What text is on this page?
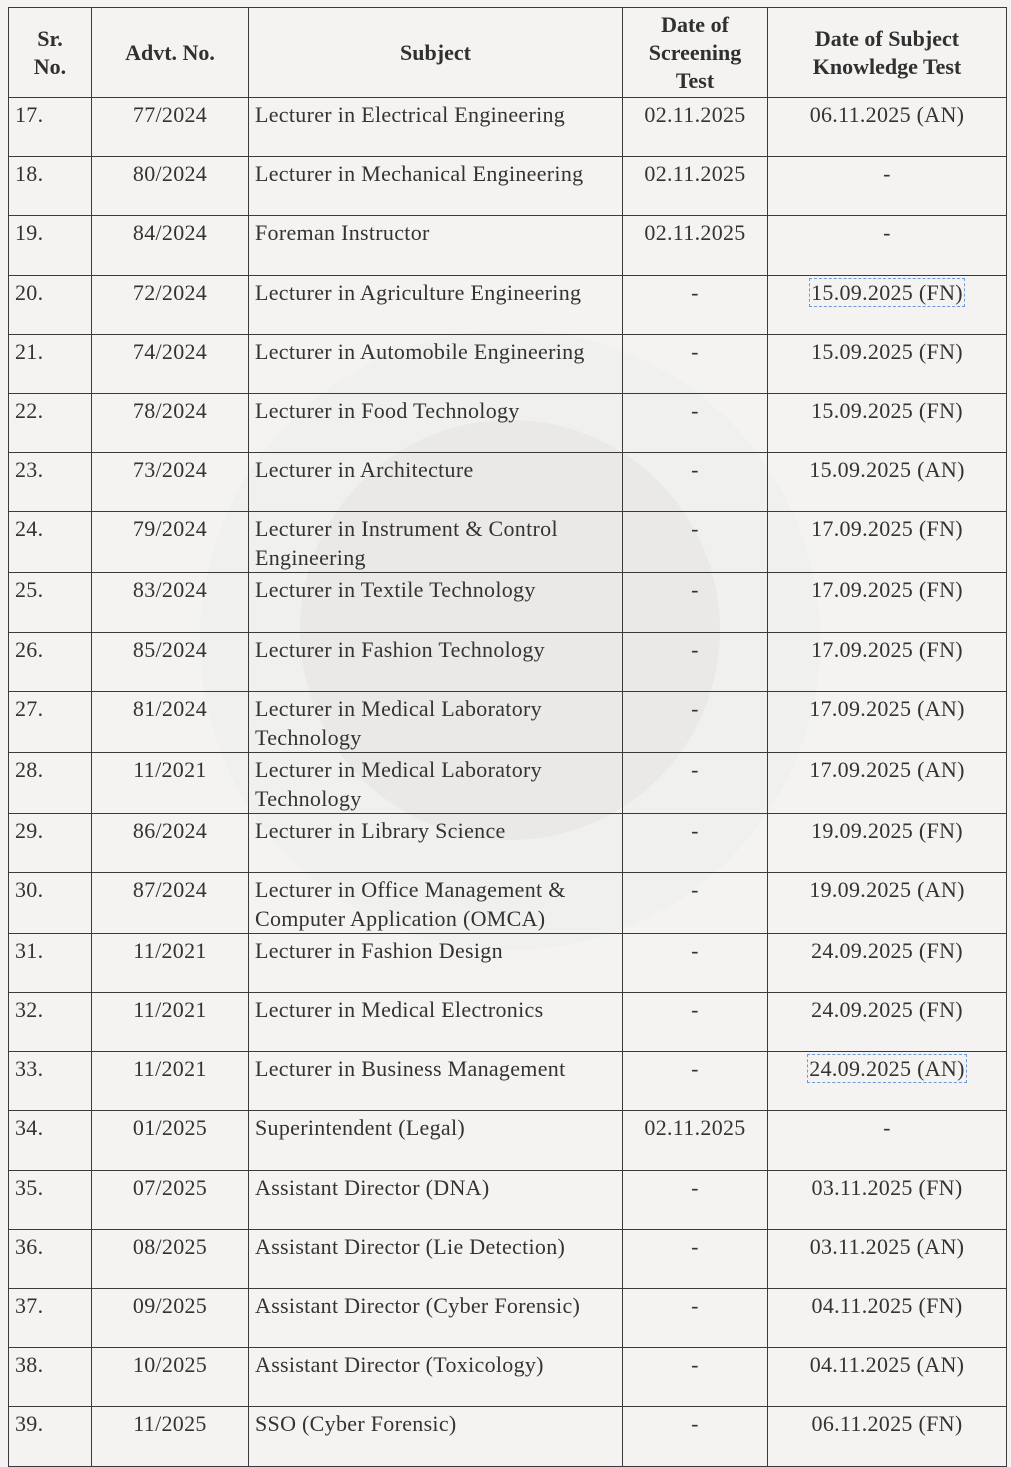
Sr. No.	Advt. No.	Subject	Date of Screening Test	Date of Subject Knowledge Test
17.	77/2024	Lecturer in Electrical Engineering	02.11.2025	06.11.2025 (AN)
18.	80/2024	Lecturer in Mechanical Engineering	02.11.2025	-
19.	84/2024	Foreman Instructor	02.11.2025	-
20.	72/2024	Lecturer in Agriculture Engineering	-	15.09.2025 (FN)
21.	74/2024	Lecturer in Automobile Engineering	-	15.09.2025 (FN)
22.	78/2024	Lecturer in Food Technology	-	15.09.2025 (FN)
23.	73/2024	Lecturer in Architecture	-	15.09.2025 (AN)
24.	79/2024	Lecturer in Instrument & Control Engineering	-	17.09.2025 (FN)
25.	83/2024	Lecturer in Textile Technology	-	17.09.2025 (FN)
26.	85/2024	Lecturer in Fashion Technology	-	17.09.2025 (FN)
27.	81/2024	Lecturer in Medical Laboratory Technology	-	17.09.2025 (AN)
28.	11/2021	Lecturer in Medical Laboratory Technology	-	17.09.2025 (AN)
29.	86/2024	Lecturer in Library Science	-	19.09.2025 (FN)
30.	87/2024	Lecturer in Office Management & Computer Application (OMCA)	-	19.09.2025 (AN)
31.	11/2021	Lecturer in Fashion Design	-	24.09.2025 (FN)
32.	11/2021	Lecturer in Medical Electronics	-	24.09.2025 (FN)
33.	11/2021	Lecturer in Business Management	-	24.09.2025 (AN)
34.	01/2025	Superintendent (Legal)	02.11.2025	-
35.	07/2025	Assistant Director (DNA)	-	03.11.2025 (FN)
36.	08/2025	Assistant Director (Lie Detection)	-	03.11.2025 (AN)
37.	09/2025	Assistant Director (Cyber Forensic)	-	04.11.2025 (FN)
38.	10/2025	Assistant Director (Toxicology)	-	04.11.2025 (AN)
39.	11/2025	SSO (Cyber Forensic)	-	06.11.2025 (FN)
